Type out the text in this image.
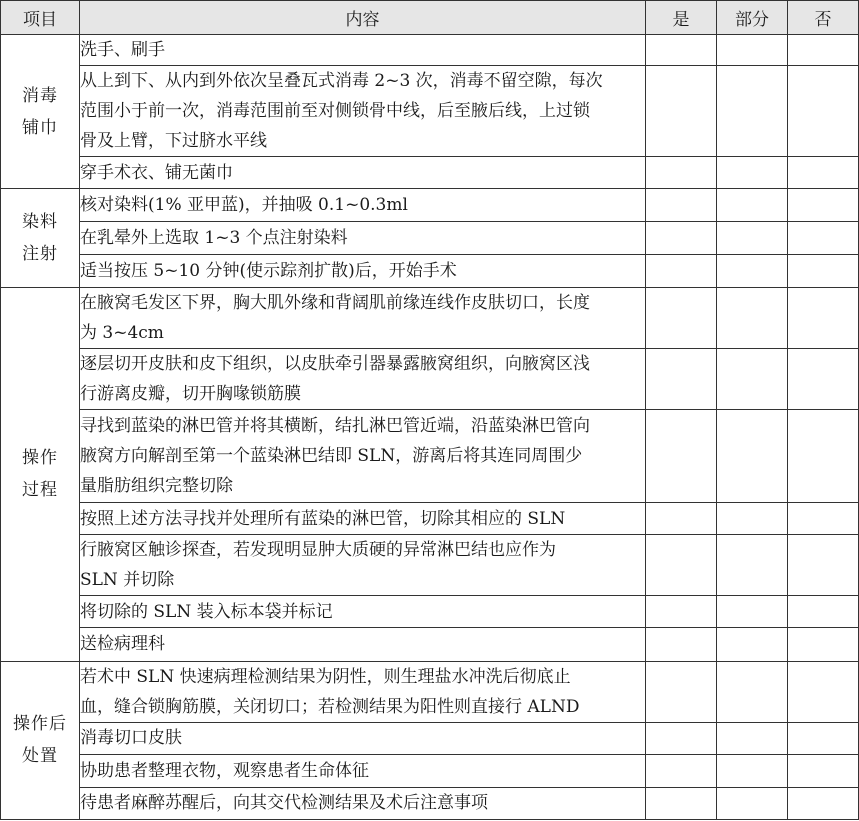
项目	内容	是	部分	否
消毒
铺巾	洗手、刷手			
	从上到下、从内到外依次呈叠瓦式消毒 2~3 次，消毒不留空隙，每次
范围小于前一次，消毒范围前至对侧锁骨中线，后至腋后线，上过锁
骨及上臂，下过脐水平线			
	穿手术衣、铺无菌巾			
染料
注射	核对染料(1% 亚甲蓝)，并抽吸 0.1~0.3ml			
	在乳晕外上选取 1~3 个点注射染料			
	适当按压 5~10 分钟(使示踪剂扩散)后，开始手术			
操作
过程	在腋窝毛发区下界，胸大肌外缘和背阔肌前缘连线作皮肤切口，长度
为 3~4cm			
	逐层切开皮肤和皮下组织，以皮肤牵引器暴露腋窝组织，向腋窝区浅
行游离皮瓣，切开胸喙锁筋膜			
	寻找到蓝染的淋巴管并将其横断，结扎淋巴管近端，沿蓝染淋巴管向
腋窝方向解剖至第一个蓝染淋巴结即 SLN，游离后将其连同周围少
量脂肪组织完整切除			
	按照上述方法寻找并处理所有蓝染的淋巴管，切除其相应的 SLN			
	行腋窝区触诊探查，若发现明显肿大质硬的异常淋巴结也应作为
SLN 并切除			
	将切除的 SLN 装入标本袋并标记			
	送检病理科			
操作后
处置	若术中 SLN 快速病理检测结果为阴性，则生理盐水冲洗后彻底止
血，缝合锁胸筋膜，关闭切口；若检测结果为阳性则直接行 ALND			
	消毒切口皮肤			
	协助患者整理衣物，观察患者生命体征			
	待患者麻醉苏醒后，向其交代检测结果及术后注意事项			
